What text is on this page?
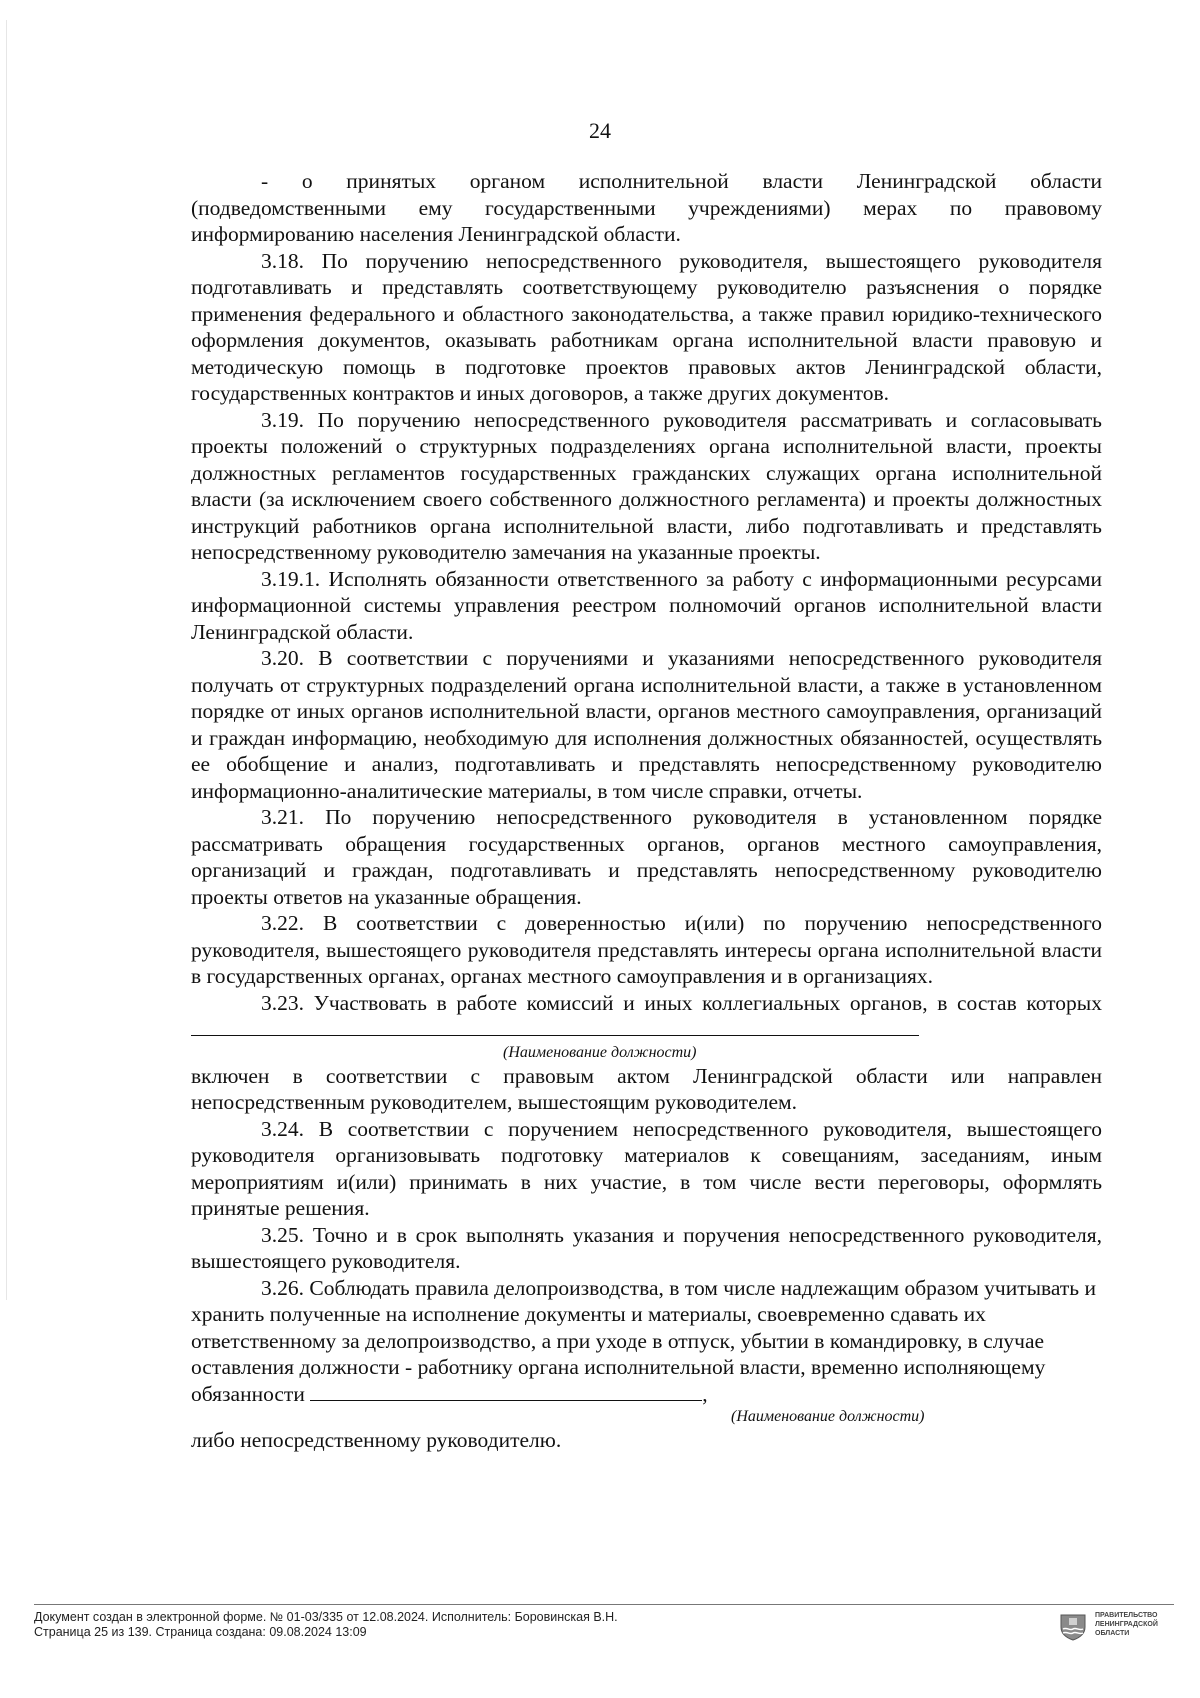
24

- о принятых органом исполнительной власти Ленинградской области (подведомственными ему государственными учреждениями) мерах по правовому информированию населения Ленинградской области.

3.18. По поручению непосредственного руководителя, вышестоящего руководителя подготавливать и представлять соответствующему руководителю разъяснения о порядке применения федерального и областного законодательства, а также правил юридико-технического оформления документов, оказывать работникам органа исполнительной власти правовую и методическую помощь в подготовке проектов правовых актов Ленинградской области, государственных контрактов и иных договоров, а также других документов.

3.19. По поручению непосредственного руководителя рассматривать и согласовывать проекты положений о структурных подразделениях органа исполнительной власти, проекты должностных регламентов государственных гражданских служащих органа исполнительной власти (за исключением своего собственного должностного регламента) и проекты должностных инструкций работников органа исполнительной власти, либо подготавливать и представлять непосредственному руководителю замечания на указанные проекты.

3.19.1. Исполнять обязанности ответственного за работу с информационными ресурсами информационной системы управления реестром полномочий органов исполнительной власти Ленинградской области.

3.20. В соответствии с поручениями и указаниями непосредственного руководителя получать от структурных подразделений органа исполнительной власти, а также в установленном порядке от иных органов исполнительной власти, органов местного самоуправления, организаций и граждан информацию, необходимую для исполнения должностных обязанностей, осуществлять ее обобщение и анализ, подготавливать и представлять непосредственному руководителю информационно-аналитические материалы, в том числе справки, отчеты.

3.21. По поручению непосредственного руководителя в установленном порядке рассматривать обращения государственных органов, органов местного самоуправления, организаций и граждан, подготавливать и представлять непосредственному руководителю проекты ответов на указанные обращения.

3.22. В соответствии с доверенностью и(или) по поручению непосредственного руководителя, вышестоящего руководителя представлять интересы органа исполнительной власти в государственных органах, органах местного самоуправления и в организациях.

3.23. Участвовать в работе комиссий и иных коллегиальных органов, в состав которых

(Наименование должности)

включен в соответствии с правовым актом Ленинградской области или направлен непосредственным руководителем, вышестоящим руководителем.

3.24. В соответствии с поручением непосредственного руководителя, вышестоящего руководителя организовывать подготовку материалов к совещаниям, заседаниям, иным мероприятиям и(или) принимать в них участие, в том числе вести переговоры, оформлять принятые решения.

3.25. Точно и в срок выполнять указания и поручения непосредственного руководителя, вышестоящего руководителя.

3.26. Соблюдать правила делопроизводства, в том числе надлежащим образом учитывать и хранить полученные на исполнение документы и материалы, своевременно сдавать их ответственному за делопроизводство, а при уходе в отпуск, убытии в командировку, в случае оставления должности - работнику органа исполнительной власти, временно исполняющему обязанности	,

(Наименование должности)

либо непосредственному руководителю.

Документ создан в электронной форме. № 01-03/335 от 12.08.2024. Исполнитель: Боровинская В.Н.
Страница 25 из 139. Страница создана: 09.08.2024 13:09
ПРАВИТЕЛЬСТВО
ЛЕНИНГРАДСКОЙ
ОБЛАСТИ
